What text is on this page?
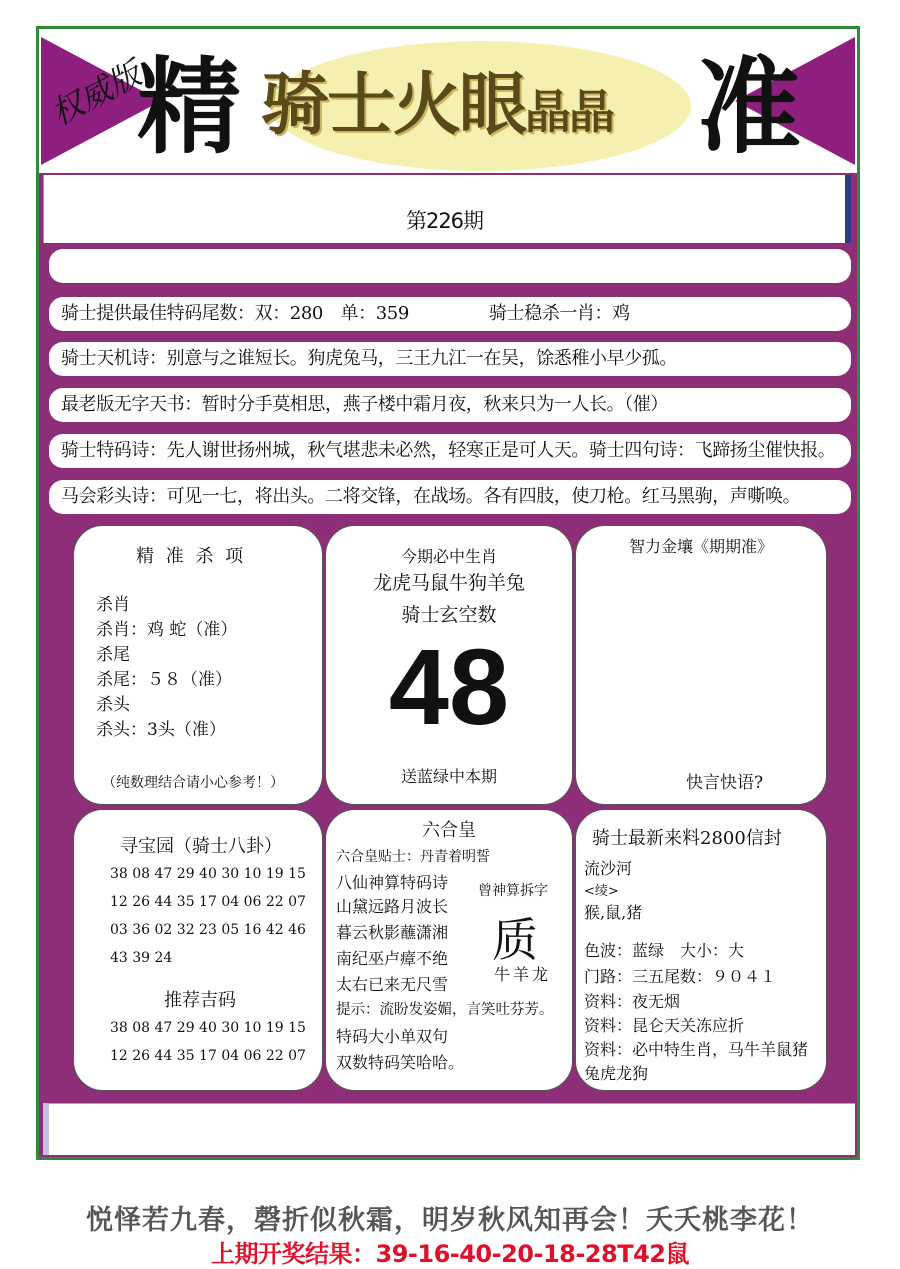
权威版
精 骑士火眼晶晶 准
第226期
骑士提供最佳特码尾数：双：280　单：359	骑士稳杀一肖：鸡
骑士天机诗：别意与之谁短长。狗虎兔马，三王九江一在吴，馀悉稚小早少孤。
最老版无字天书：暂时分手莫相思，燕子楼中霜月夜，秋来只为一人长。（催）
骑士特码诗：先人谢世扬州城，秋气堪悲未必然，轻寒正是可人天。骑士四句诗：飞蹄扬尘催快报。
马会彩头诗：可见一七，将出头。二将交锋，在战场。各有四肢，使刀枪。红马黑驹，声嘶唤。
精 准 杀 项
杀肖
杀肖：鸡 蛇（准）
杀尾
杀尾：５８（准）
杀头
杀头：3头（准）
（纯数理结合请小心参考！）
今期必中生肖
龙虎马鼠牛狗羊兔
骑士玄空数
48
送蓝绿中本期
智力金壤《期期准》
快言快语?
寻宝园（骑士八卦）
38 08 47 29 40 30 10 19 15
12 26 44 35 17 04 06 22 07
03 36 02 32 23 05 16 42 46
43 39 24
推荐吉码
38 08 47 29 40 30 10 19 15
12 26 44 35 17 04 06 22 07
六合皇
六合皇贴士：丹青着明誓
八仙神算特码诗
山黛远路月波长
暮云秋影蘸潇湘
南纪巫卢瘴不绝
太右已来无尺雪
曾神算拆字
质
牛羊龙
提示：流盼发姿媚，言笑吐芬芳。
特码大小单双句
双数特码笑哈哈。
骑士最新来料2800信封
流沙河
<绫>
猴,鼠,猪
色波：蓝绿　大小：大
门路：三五尾数：９０４１
资料：夜无烟
资料：昆仑天关冻应折
资料：必中特生肖，马牛羊鼠猪
兔虎龙狗
悦怿若九春，磬折似秋霜，明岁秋风知再会！夭夭桃李花！
上期开奖结果：39-16-40-20-18-28T42鼠
